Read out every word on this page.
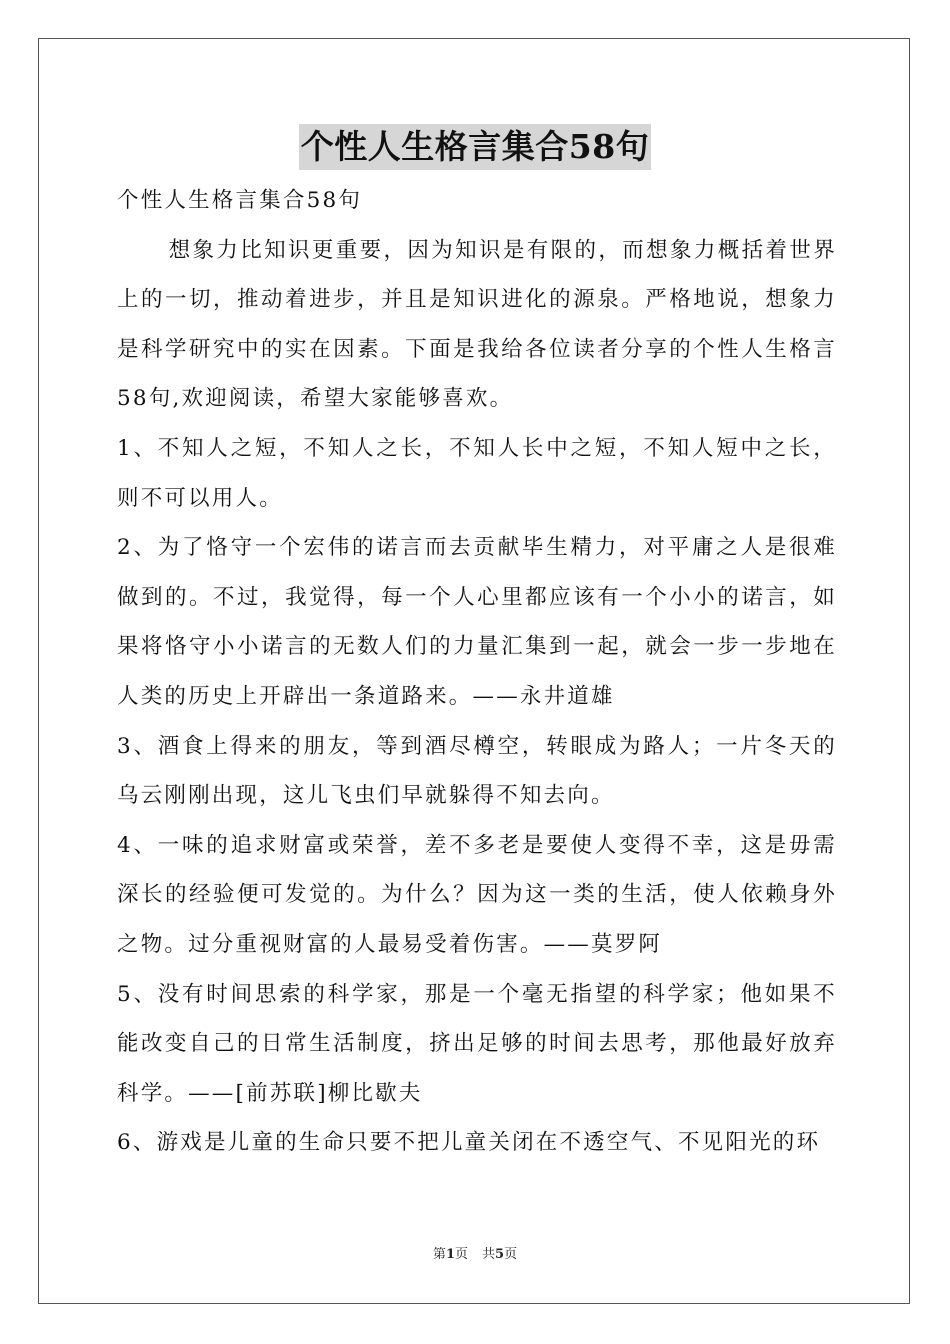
个性人生格言集合58句

个性人生格言集合58句

想象力比知识更重要，因为知识是有限的，而想象力概括着世界上的一切，推动着进步，并且是知识进化的源泉。严格地说，想象力是科学研究中的实在因素。下面是我给各位读者分享的个性人生格言58句,欢迎阅读，希望大家能够喜欢。

1、不知人之短，不知人之长，不知人长中之短，不知人短中之长，则不可以用人。

2、为了恪守一个宏伟的诺言而去贡献毕生精力，对平庸之人是很难做到的。不过，我觉得，每一个人心里都应该有一个小小的诺言，如果将恪守小小诺言的无数人们的力量汇集到一起，就会一步一步地在人类的历史上开辟出一条道路来。——永井道雄

3、酒食上得来的朋友，等到酒尽樽空，转眼成为路人；一片冬天的乌云刚刚出现，这儿飞虫们早就躲得不知去向。

4、一味的追求财富或荣誉，差不多老是要使人变得不幸，这是毋需深长的经验便可发觉的。为什么？因为这一类的生活，使人依赖身外之物。过分重视财富的人最易受着伤害。——莫罗阿

5、没有时间思索的科学家，那是一个毫无指望的科学家；他如果不能改变自己的日常生活制度，挤出足够的时间去思考，那他最好放弃科学。——[前苏联]柳比歇夫

6、游戏是儿童的生命只要不把儿童关闭在不透空气、不见阳光的环

第1页 共5页
